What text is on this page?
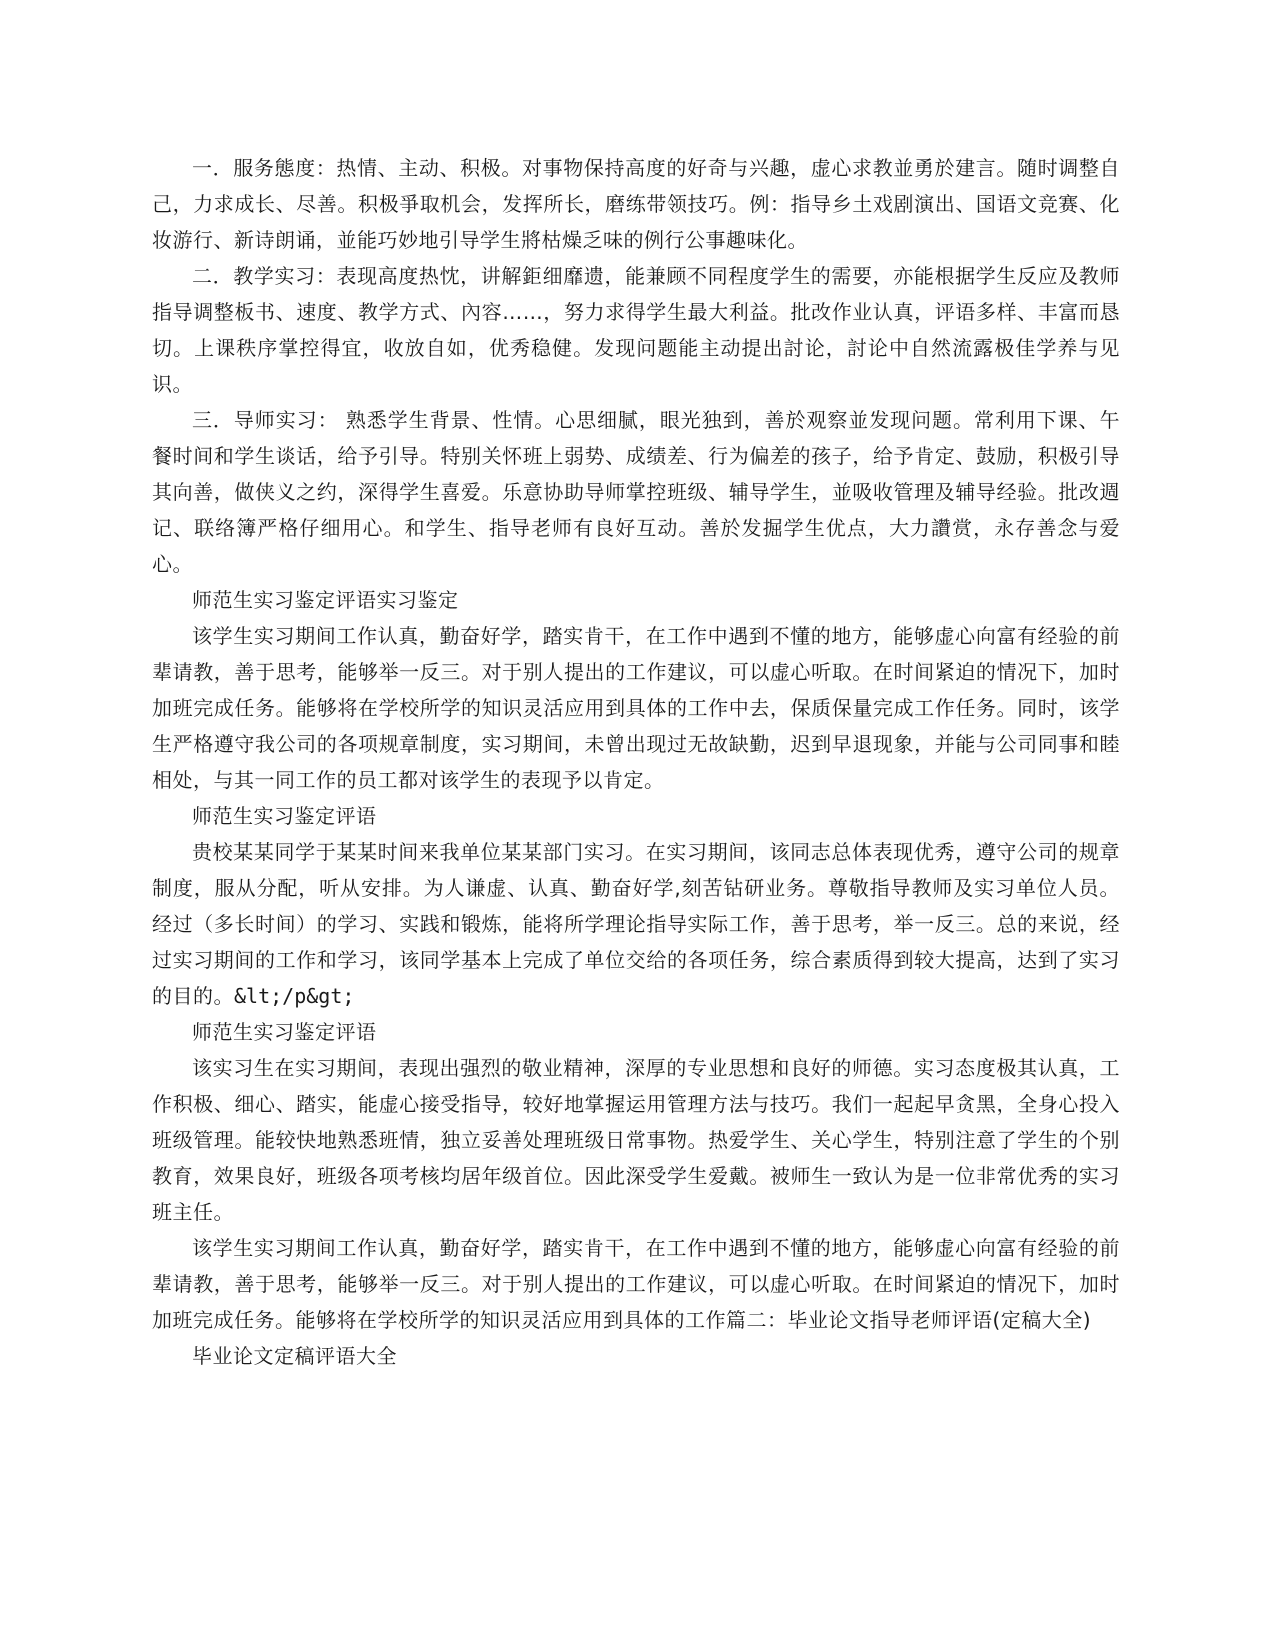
一．服务態度：热情、主动、积极。对事物保持高度的好奇与兴趣，虚心求教並勇於建言。随时调整自己，力求成长、尽善。积极爭取机会，发挥所长，磨练带领技巧。例：指导乡土戏剧演出、国语文竞赛、化妆游行、新诗朗诵，並能巧妙地引导学生將枯燥乏味的例行公事趣味化。

二．教学实习：表现高度热忱，讲解鉅细靡遗，能兼顾不同程度学生的需要，亦能根据学生反应及教师指导调整板书、速度、教学方式、內容……，努力求得学生最大利益。批改作业认真，评语多样、丰富而恳切。上课秩序掌控得宜，收放自如，优秀稳健。发现问题能主动提出討论，討论中自然流露极佳学养与见识。

三．导师实习： 熟悉学生背景、性情。心思细腻，眼光独到，善於观察並发现问题。常利用下课、午餐时间和学生谈话，给予引导。特别关怀班上弱势、成绩差、行为偏差的孩子，给予肯定、鼓励，积极引导其向善，做侠义之约，深得学生喜爱。乐意协助导师掌控班级、辅导学生，並吸收管理及辅导经验。批改週记、联络簿严格仔细用心。和学生、指导老师有良好互动。善於发掘学生优点，大力讚赏，永存善念与爱心。

师范生实习鉴定评语实习鉴定

该学生实习期间工作认真，勤奋好学，踏实肯干，在工作中遇到不懂的地方，能够虚心向富有经验的前辈请教，善于思考，能够举一反三。对于别人提出的工作建议，可以虚心听取。在时间紧迫的情况下，加时加班完成任务。能够将在学校所学的知识灵活应用到具体的工作中去，保质保量完成工作任务。同时，该学生严格遵守我公司的各项规章制度，实习期间，未曾出现过无故缺勤，迟到早退现象，并能与公司同事和睦相处，与其一同工作的员工都对该学生的表现予以肯定。

师范生实习鉴定评语

贵校某某同学于某某时间来我单位某某部门实习。在实习期间，该同志总体表现优秀，遵守公司的规章制度，服从分配，听从安排。为人谦虚、认真、勤奋好学,刻苦钻研业务。尊敬指导教师及实习单位人员。经过（多长时间）的学习、实践和锻炼，能将所学理论指导实际工作，善于思考，举一反三。总的来说，经过实习期间的工作和学习，该同学基本上完成了单位交给的各项任务，综合素质得到较大提高，达到了实习的目的。&lt;/p&gt;

师范生实习鉴定评语

该实习生在实习期间，表现出强烈的敬业精神，深厚的专业思想和良好的师德。实习态度极其认真，工作积极、细心、踏实，能虚心接受指导，较好地掌握运用管理方法与技巧。我们一起起早贪黑，全身心投入班级管理。能较快地熟悉班情，独立妥善处理班级日常事物。热爱学生、关心学生，特别注意了学生的个别教育，效果良好，班级各项考核均居年级首位。因此深受学生爱戴。被师生一致认为是一位非常优秀的实习班主任。

该学生实习期间工作认真，勤奋好学，踏实肯干，在工作中遇到不懂的地方，能够虚心向富有经验的前辈请教，善于思考，能够举一反三。对于别人提出的工作建议，可以虚心听取。在时间紧迫的情况下，加时加班完成任务。能够将在学校所学的知识灵活应用到具体的工作篇二：毕业论文指导老师评语(定稿大全)

毕业论文定稿评语大全
